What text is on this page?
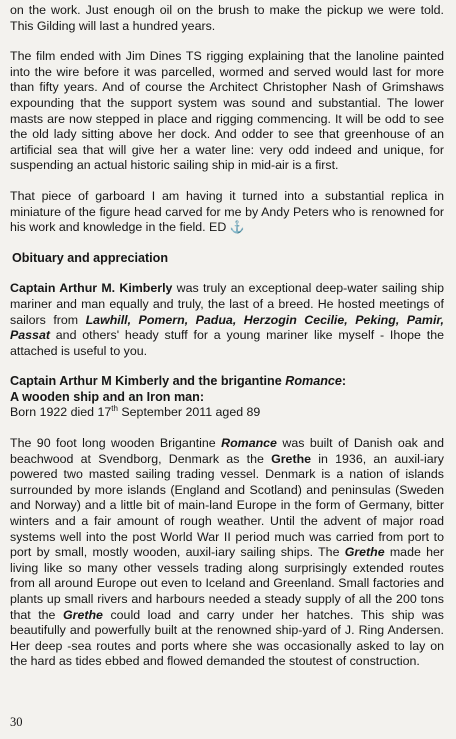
on the work. Just enough oil on the brush to make the pickup we were told. This Gilding will last a hundred years.

The film ended with Jim Dines TS rigging explaining that the lanoline painted into the wire before it was parcelled, wormed and served would last for more than fifty years. And of course the Architect Christopher Nash of Grimshaws expounding that the support system was sound and substantial. The lower masts are now stepped in place and rigging commencing. It will be odd to see the old lady sitting above her dock. And odder to see that greenhouse of an artificial sea that will give her a water line: very odd indeed and unique, for suspending an actual historic sailing ship in mid-air is a first.

That piece of garboard I am having it turned into a substantial replica in miniature of the figure head carved for me by Andy Peters who is renowned for his work and knowledge in the field. ED ⚓

Obituary and appreciation

Captain Arthur M. Kimberly was truly an exceptional deep-water sailing ship mariner and man equally and truly, the last of a breed. He hosted meetings of sailors from Lawhill, Pomern, Padua, Herzogin Cecilie, Peking, Pamir, Passat and others' heady stuff for a young mariner like myself - Ihope the attached is useful to you.

Captain Arthur M Kimberly and the brigantine Romance:

A wooden ship and an Iron man:

Born 1922 died 17th September 2011 aged 89

The 90 foot long wooden Brigantine Romance was built of Danish oak and beachwood at Svendborg, Denmark as the Grethe in 1936, an auxil-iary powered two masted sailing trading vessel. Denmark is a nation of islands surrounded by more islands (England and Scotland) and peninsulas (Sweden and Norway) and a little bit of main-land Europe in the form of Germany, bitter winters and a fair amount of rough weather. Until the advent of major road systems well into the post World War II period much was carried from port to port by small, mostly wooden, auxil-iary sailing ships. The Grethe made her living like so many other vessels trading along surprisingly extended routes from all around Europe out even to Iceland and Greenland. Small factories and plants up small rivers and harbours needed a steady supply of all the 200 tons that the Grethe could load and carry under her hatches. This ship was beautifully and powerfully built at the renowned ship-yard of J. Ring Andersen. Her deep -sea routes and ports where she was occasionally asked to lay on the hard as tides ebbed and flowed demanded the stoutest of construction.

30
